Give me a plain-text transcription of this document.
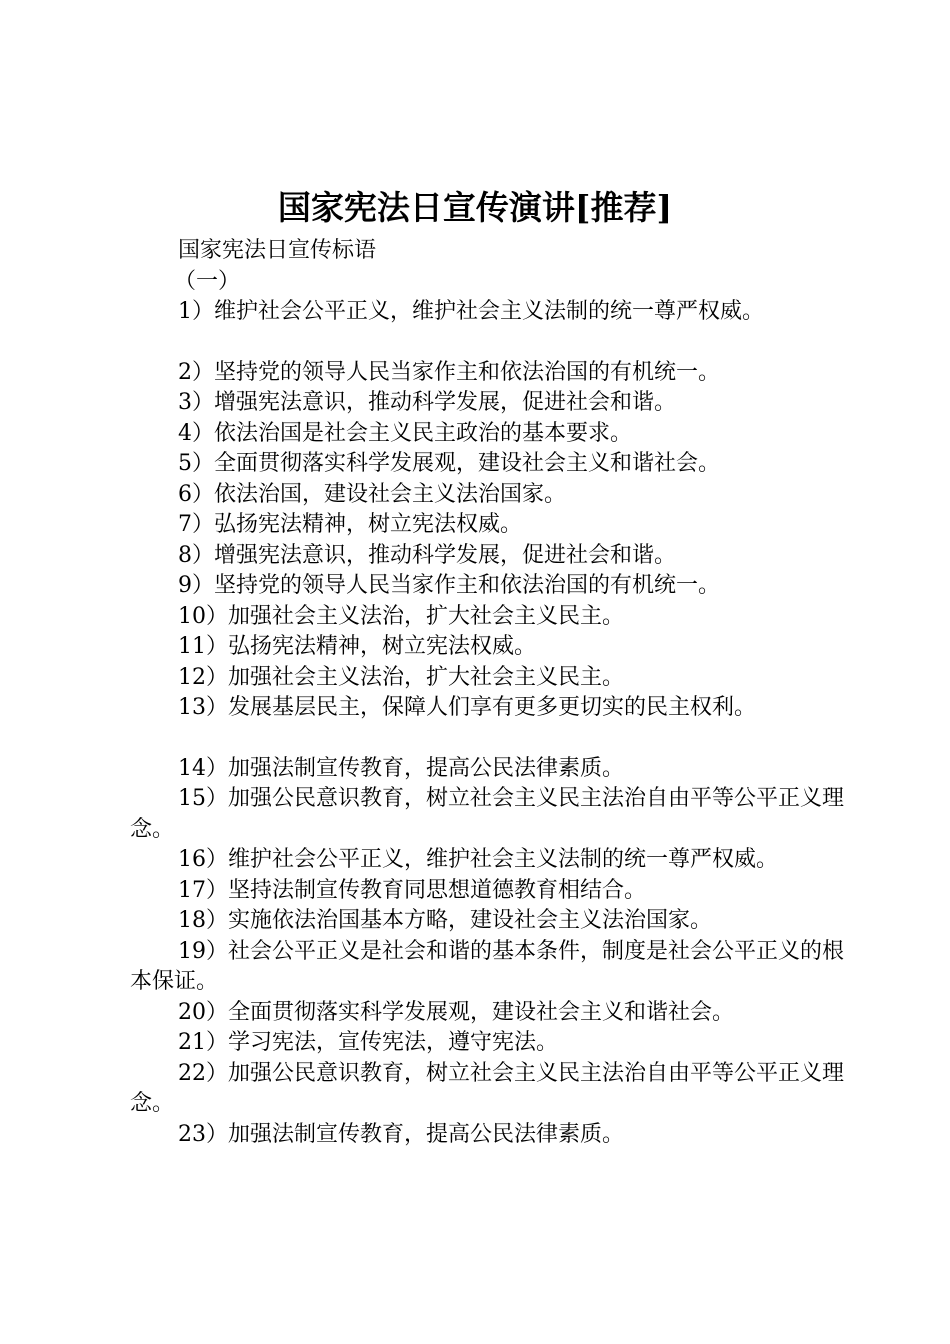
国家宪法日宣传演讲[推荐]

国家宪法日宣传标语

（一）

1）维护社会公平正义，维护社会主义法制的统一尊严权威。

2）坚持党的领导人民当家作主和依法治国的有机统一。

3）增强宪法意识，推动科学发展，促进社会和谐。

4）依法治国是社会主义民主政治的基本要求。

5）全面贯彻落实科学发展观，建设社会主义和谐社会。

6）依法治国，建设社会主义法治国家。

7）弘扬宪法精神，树立宪法权威。

8）增强宪法意识，推动科学发展，促进社会和谐。

9）坚持党的领导人民当家作主和依法治国的有机统一。

10）加强社会主义法治，扩大社会主义民主。

11）弘扬宪法精神，树立宪法权威。

12）加强社会主义法治，扩大社会主义民主。

13）发展基层民主，保障人们享有更多更切实的民主权利。

14）加强法制宣传教育，提高公民法律素质。

15）加强公民意识教育，树立社会主义民主法治自由平等公平正义理念。

16）维护社会公平正义，维护社会主义法制的统一尊严权威。

17）坚持法制宣传教育同思想道德教育相结合。

18）实施依法治国基本方略，建设社会主义法治国家。

19）社会公平正义是社会和谐的基本条件，制度是社会公平正义的根本保证。

20）全面贯彻落实科学发展观，建设社会主义和谐社会。

21）学习宪法，宣传宪法，遵守宪法。

22）加强公民意识教育，树立社会主义民主法治自由平等公平正义理念。

23）加强法制宣传教育，提高公民法律素质。
